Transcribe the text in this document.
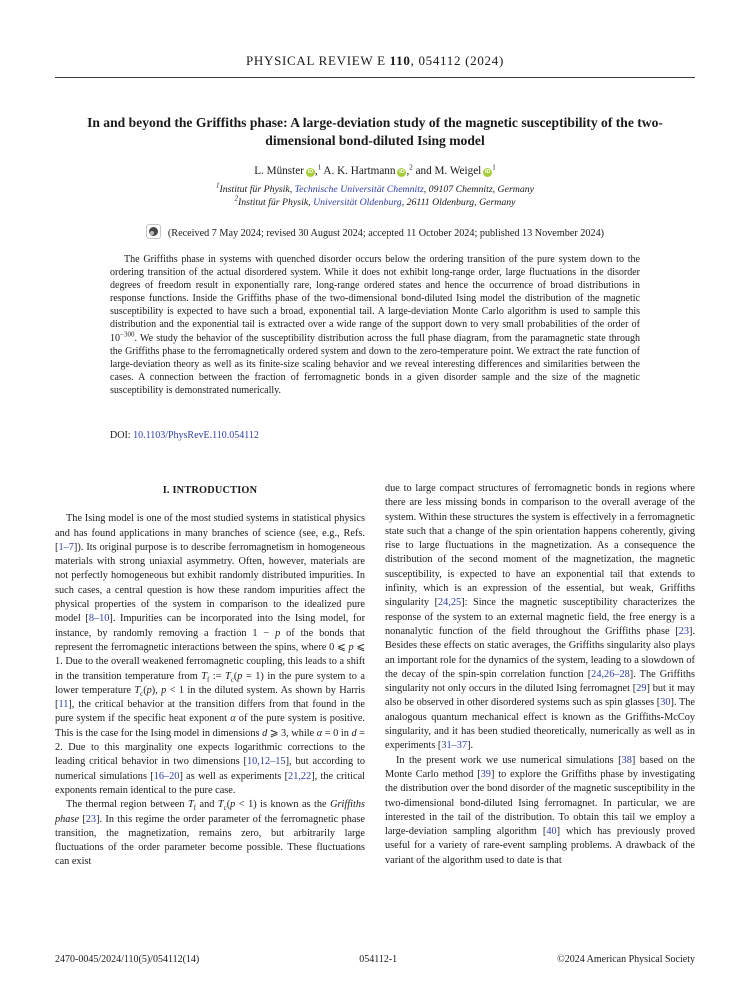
PHYSICAL REVIEW E 110, 054112 (2024)
In and beyond the Griffiths phase: A large-deviation study of the magnetic susceptibility of the two-dimensional bond-diluted Ising model
L. Münster iD ,$^1$ A. K. Hartmann iD ,$^2$ and M. Weigel $iD^1$
$^1$Institut für Physik, Technische Universität Chemnitz, 09107 Chemnitz, Germany
$^2$Institut für Physik, Universität Oldenburg, 26111 Oldenburg, Germany
(Received 7 May 2024; revised 30 August 2024; accepted 11 October 2024; published 13 November 2024)
The Griffiths phase in systems with quenched disorder occurs below the ordering transition of the pure system down to the ordering transition of the actual disordered system. While it does not exhibit long-range order, large fluctuations in the disorder degrees of freedom result in exponentially rare, long-range ordered states and hence the occurrence of broad distributions in response functions. Inside the Griffiths phase of the two-dimensional bond-diluted Ising model the distribution of the magnetic susceptibility is expected to have such a broad, exponential tail. A large-deviation Monte Carlo algorithm is used to sample this distribution and the exponential tail is extracted over a wide range of the support down to very small probabilities of the order of $10^{-300}$. We study the behavior of the susceptibility distribution across the full phase diagram, from the paramagnetic state through the Griffiths phase to the ferromagnetically ordered system and down to the zero-temperature point. We extract the rate function of large-deviation theory as well as its finite-size scaling behavior and we reveal interesting differences and similarities between the cases. A connection between the fraction of ferromagnetic bonds in a given disorder sample and the size of the magnetic susceptibility is demonstrated numerically.
DOI: 10.1103/PhysRevE.110.054112
I. INTRODUCTION

The Ising model is one of the most studied systems in statistical physics and has found applications in many branches of science (see, e.g., Refs. [1–7]). Its original purpose is to describe ferromagnetism in homogeneous materials with strong uniaxial asymmetry. Often, however, materials are not perfectly homogeneous but exhibit randomly distributed impurities. In such cases, a central question is how these random impurities affect the physical properties of the system in comparison to the idealized pure model [8–10]. Impurities can be incorporated into the Ising model, for instance, by randomly removing a fraction 1 − p of the bonds that represent the ferromagnetic interactions between the spins, where 0 ⩽ p ⩽ 1. Due to the overall weakened ferromagnetic coupling, this leads to a shift in the transition temperature from $T_f$ := $T_c(p = 1)$ in the pure system to a lower temperature $T_c(p)$, p < 1 in the diluted system. As shown by Harris [11], the critical behavior at the transition differs from that found in the pure system if the specific heat exponent α of the pure system is positive. This is the case for the Ising model in dimensions d ⩾ 3, while α = 0 in d = 2. Due to this marginality one expects logarithmic corrections to the leading critical behavior in two dimensions [10,12–15], but according to numerical simulations [16–20] as well as experiments [21,22], the critical exponents remain identical to the pure case.

The thermal region between $T_f$ and $T_c(p < 1)$ is known as the Griffiths phase [23]. In this regime the order parameter of the ferromagnetic phase transition, the magnetization, remains zero, but arbitrarily large fluctuations of the order parameter become possible. These fluctuations can exist

due to large compact structures of ferromagnetic bonds in regions where there are less missing bonds in comparison to the overall average of the system. Within these structures the system is effectively in a ferromagnetic state such that a change of the spin orientation happens coherently, giving rise to large fluctuations in the magnetization. As a consequence the distribution of the second moment of the magnetization, the magnetic susceptibility, is expected to have an exponential tail that extends to infinity, which is an expression of the essential, but weak, Griffiths singularity [24,25]: Since the magnetic susceptibility characterizes the response of the system to an external magnetic field, the free energy is a nonanalytic function of the field throughout the Griffiths phase [23]. Besides these effects on static averages, the Griffiths singularity also plays an important role for the dynamics of the system, leading to a slowdown of the decay of the spin-spin correlation function [24,26–28]. The Griffiths singularity not only occurs in the diluted Ising ferromagnet [29] but it may also be observed in other disordered systems such as spin glasses [30]. The analogous quantum mechanical effect is known as the Griffiths-McCoy singularity, and it has been studied theoretically, numerically as well as in experiments [31–37].

In the present work we use numerical simulations [38] based on the Monte Carlo method [39] to explore the Griffiths phase by investigating the distribution over the bond disorder of the magnetic susceptibility in the two-dimensional bond-diluted Ising ferromagnet. In particular, we are interested in the tail of the distribution. To obtain this tail we employ a large-deviation sampling algorithm [40] which has previously proved useful for a variety of rare-event sampling problems. A drawback of the variant of the algorithm used to date is that

2470-0045/2024/110(5)/054112(14)	054112-1	©2024 American Physical Society
